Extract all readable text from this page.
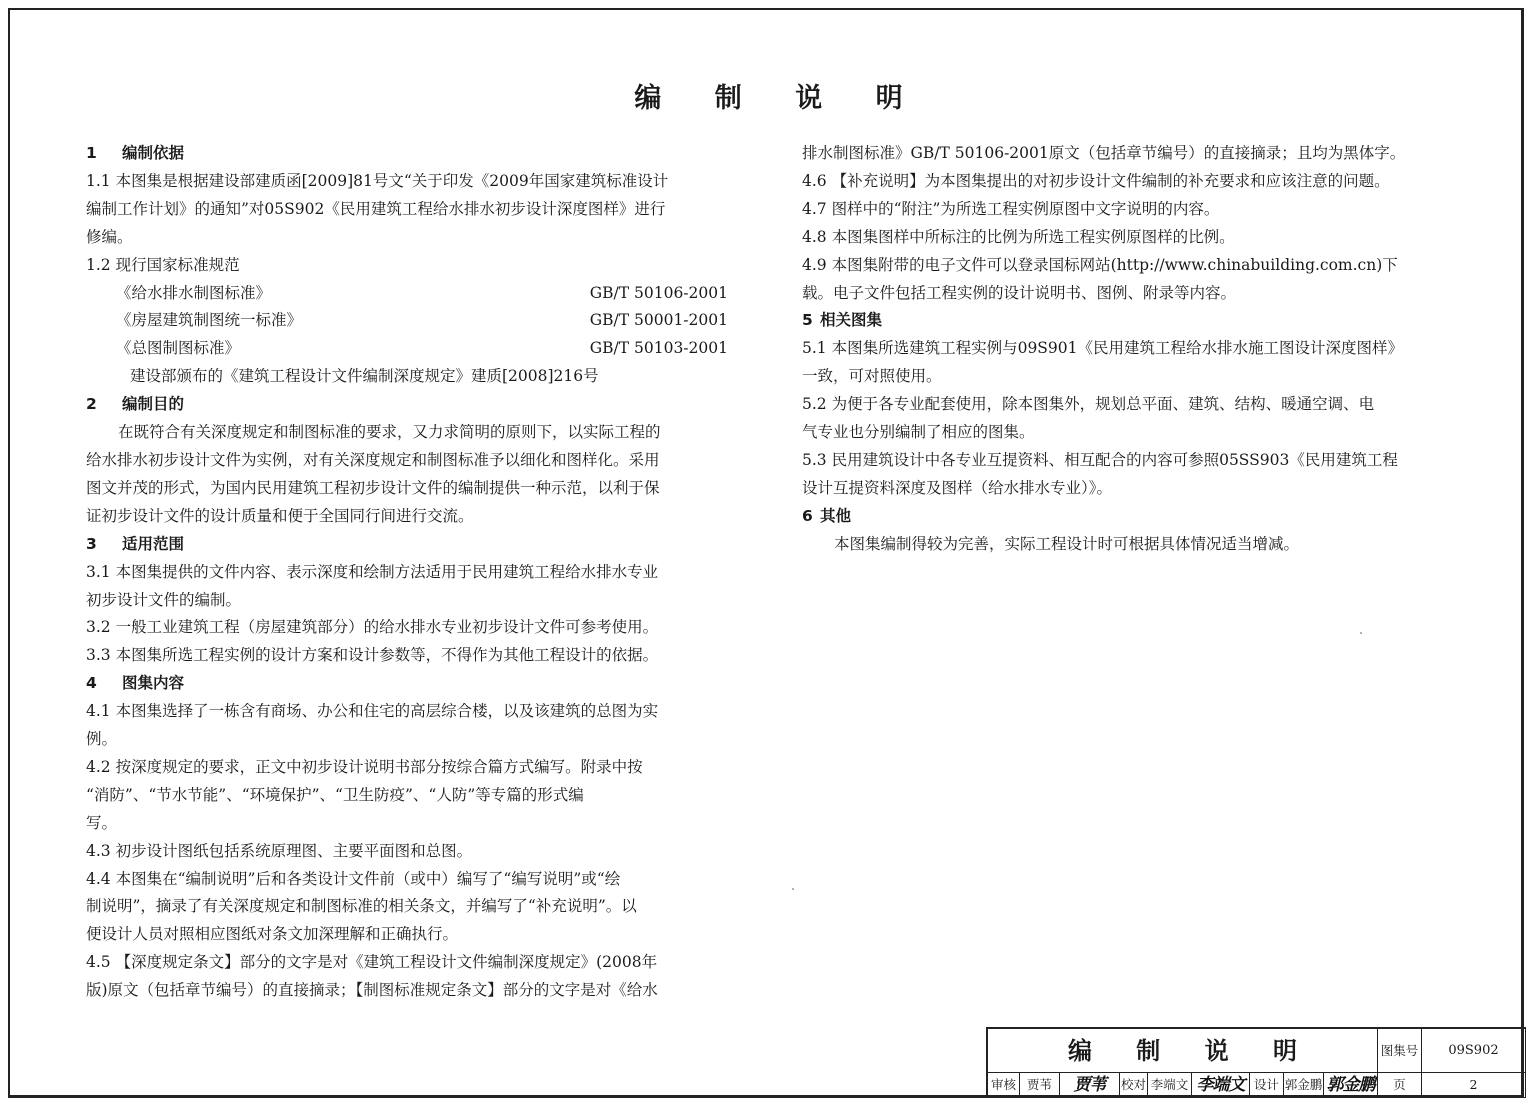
编 制 说 明

1 编制依据

1.1 本图集是根据建设部建质函[2009]81号文“关于印发《2009年国家建筑标准设计

编制工作计划》的通知”对05S902《民用建筑工程给水排水初步设计深度图样》进行

修编。

1.2 现行国家标准规范

《给水排水制图标准》	GB/T 50106-2001
《房屋建筑制图统一标准》	GB/T 50001-2001
《总图制图标准》	GB/T 50103-2001

建设部颁布的《建筑工程设计文件编制深度规定》建质[2008]216号

2 编制目的

在既符合有关深度规定和制图标准的要求，又力求简明的原则下，以实际工程的

给水排水初步设计文件为实例，对有关深度规定和制图标准予以细化和图样化。采用

图文并茂的形式，为国内民用建筑工程初步设计文件的编制提供一种示范，以利于保

证初步设计文件的设计质量和便于全国同行间进行交流。

3 适用范围

3.1 本图集提供的文件内容、表示深度和绘制方法适用于民用建筑工程给水排水专业

初步设计文件的编制。

3.2 一般工业建筑工程（房屋建筑部分）的给水排水专业初步设计文件可参考使用。

3.3 本图集所选工程实例的设计方案和设计参数等，不得作为其他工程设计的依据。

4 图集内容

4.1 本图集选择了一栋含有商场、办公和住宅的高层综合楼，以及该建筑的总图为实

例。

4.2 按深度规定的要求，正文中初步设计说明书部分按综合篇方式编写。附录中按

“消防”、“节水节能”、“环境保护”、“卫生防疫”、“人防”等专篇的形式编

写。

4.3 初步设计图纸包括系统原理图、主要平面图和总图。

4.4 本图集在“编制说明”后和各类设计文件前（或中）编写了“编写说明”或“绘

制说明”，摘录了有关深度规定和制图标准的相关条文，并编写了“补充说明”。以

便设计人员对照相应图纸对条文加深理解和正确执行。

4.5 【深度规定条文】部分的文字是对《建筑工程设计文件编制深度规定》(2008年

版)原文（包括章节编号）的直接摘录；【制图标准规定条文】部分的文字是对《给水

排水制图标准》GB/T 50106-2001原文（包括章节编号）的直接摘录；且均为黑体字。

4.6 【补充说明】为本图集提出的对初步设计文件编制的补充要求和应该注意的问题。

4.7 图样中的“附注”为所选工程实例原图中文字说明的内容。

4.8 本图集图样中所标注的比例为所选工程实例原图样的比例。

4.9 本图集附带的电子文件可以登录国标网站(http://www.chinabuilding.com.cn)下

载。电子文件包括工程实例的设计说明书、图例、附录等内容。

5 相关图集

5.1 本图集所选建筑工程实例与09S901《民用建筑工程给水排水施工图设计深度图样》

一致，可对照使用。

5.2 为便于各专业配套使用，除本图集外，规划总平面、建筑、结构、暖通空调、电

气专业也分别编制了相应的图集。

5.3 民用建筑设计中各专业互提资料、相互配合的内容可参照05SS903《民用建筑工程

设计互提资料深度及图样（给水排水专业）》。

6 其他

本图集编制得较为完善，实际工程设计时可根据具体情况适当增减。

编 制 说 明	图集号	09S902
审核 贾苇	贾苇	校对 李端文 李端文 设计 郭金鹏 郭金鹏	页	2
